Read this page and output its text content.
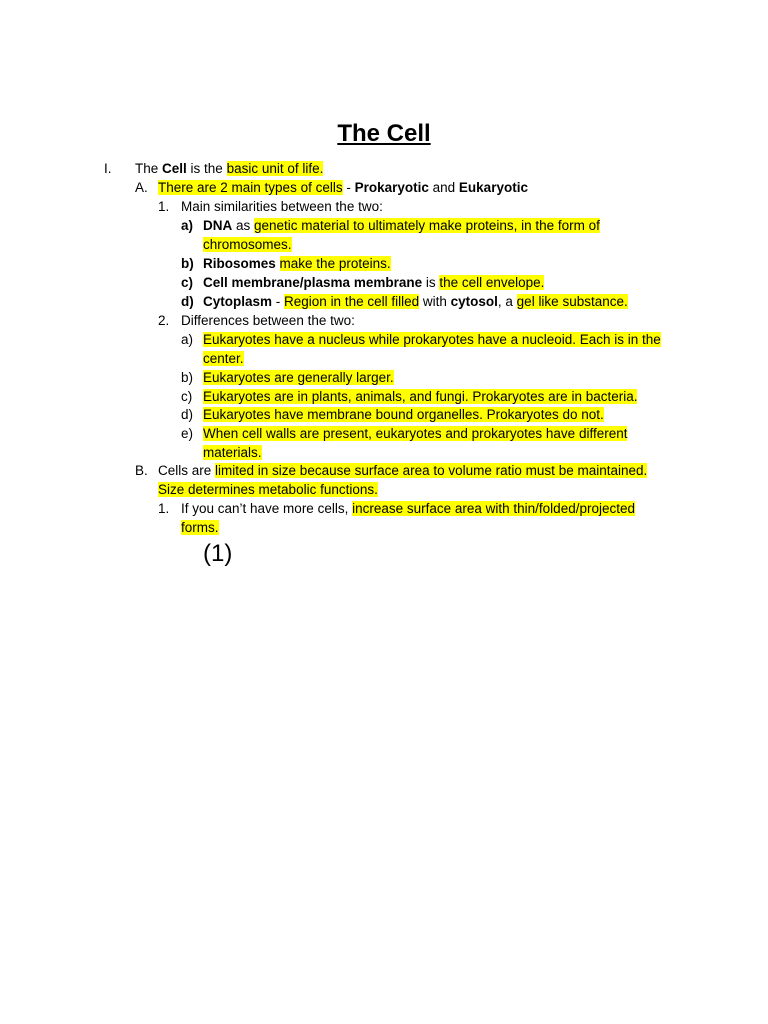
The Cell
I. The Cell is the basic unit of life.
A. There are 2 main types of cells - Prokaryotic and Eukaryotic
1. Main similarities between the two:
a) DNA as genetic material to ultimately make proteins, in the form of
chromosomes.
b) Ribosomes make the proteins.
c) Cell membrane/plasma membrane is the cell envelope.
d) Cytoplasm - Region in the cell filled with cytosol, a gel like substance.
2. Differences between the two:
a) Eukaryotes have a nucleus while prokaryotes have a nucleoid. Each is in the
center.
b) Eukaryotes are generally larger.
c) Eukaryotes are in plants, animals, and fungi. Prokaryotes are in bacteria.
d) Eukaryotes have membrane bound organelles. Prokaryotes do not.
e) When cell walls are present, eukaryotes and prokaryotes have different
materials.
B. Cells are limited in size because surface area to volume ratio must be maintained.
Size determines metabolic functions.
1. If you can’t have more cells, increase surface area with thin/folded/projected
forms.
(1)
